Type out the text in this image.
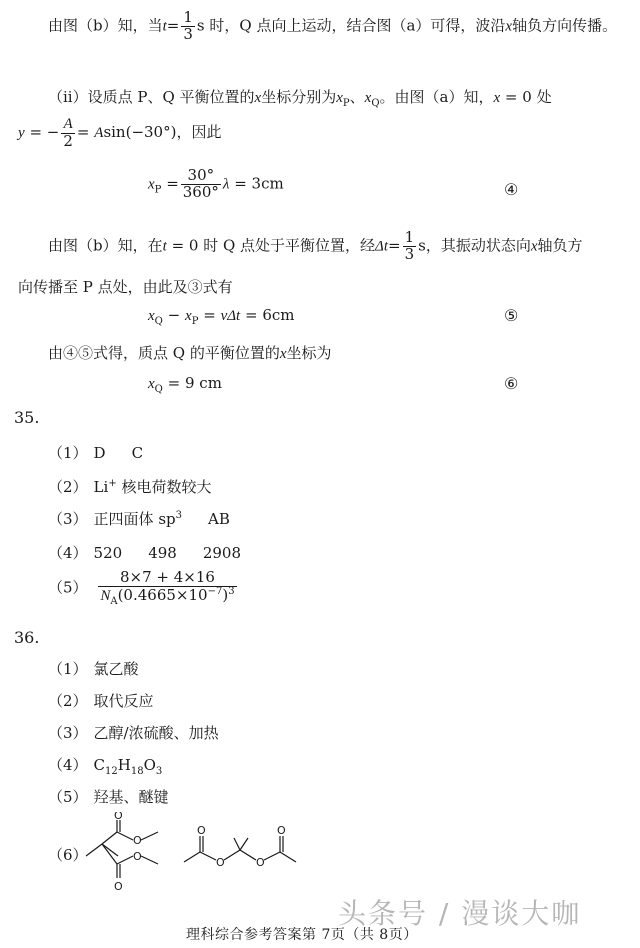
由图（b）知，当$t= \frac{1}{3}$ s 时，Q 点向上运动，结合图（a）可得，波沿x轴负方向传播。
（ii）设质点 P、Q 平衡位置的x坐标分别为$x_P$、$x_Q$。由图（a）知，x = 0 处
y = − $\frac{A}{2} = Asin(-30^\circ)$，因此
$x_P = \frac{30^\circ}{360^\circ}$ λ = 3cm	④
由图（b）知，在t = 0 时 Q 点处于平衡位置，经$\Delta t= \frac{1}{3}$ s，其振动状态向x轴负方
向传播至 P 点处，由此及③式有
$x_Q - x_P = v\Delta t = 6cm$	⑤
由④⑤式得，质点 Q 的平衡位置的x坐标为
$x_Q = 9$ cm	⑥
35.
（1） D C
（2） Li+ 核电荷数较大
（3） 正四面体 $sp^3$ AB
（4） 520 498 2908
$(5) \frac{8\times 7 + 4\times 16}{N_A(0.4665\times 10^{-7})^3}$
36.
（1） 氯乙酸
（2） 取代反应
（3） 乙醇/浓硫酸、加热
（4） $C_{12}H_{18}O_3$
（5） 羟基、醚键
（6）
O
O
O
O
O
O	O
O
理科综合参考答案第 7页（共 8页）
头条号 / 漫谈大咖
